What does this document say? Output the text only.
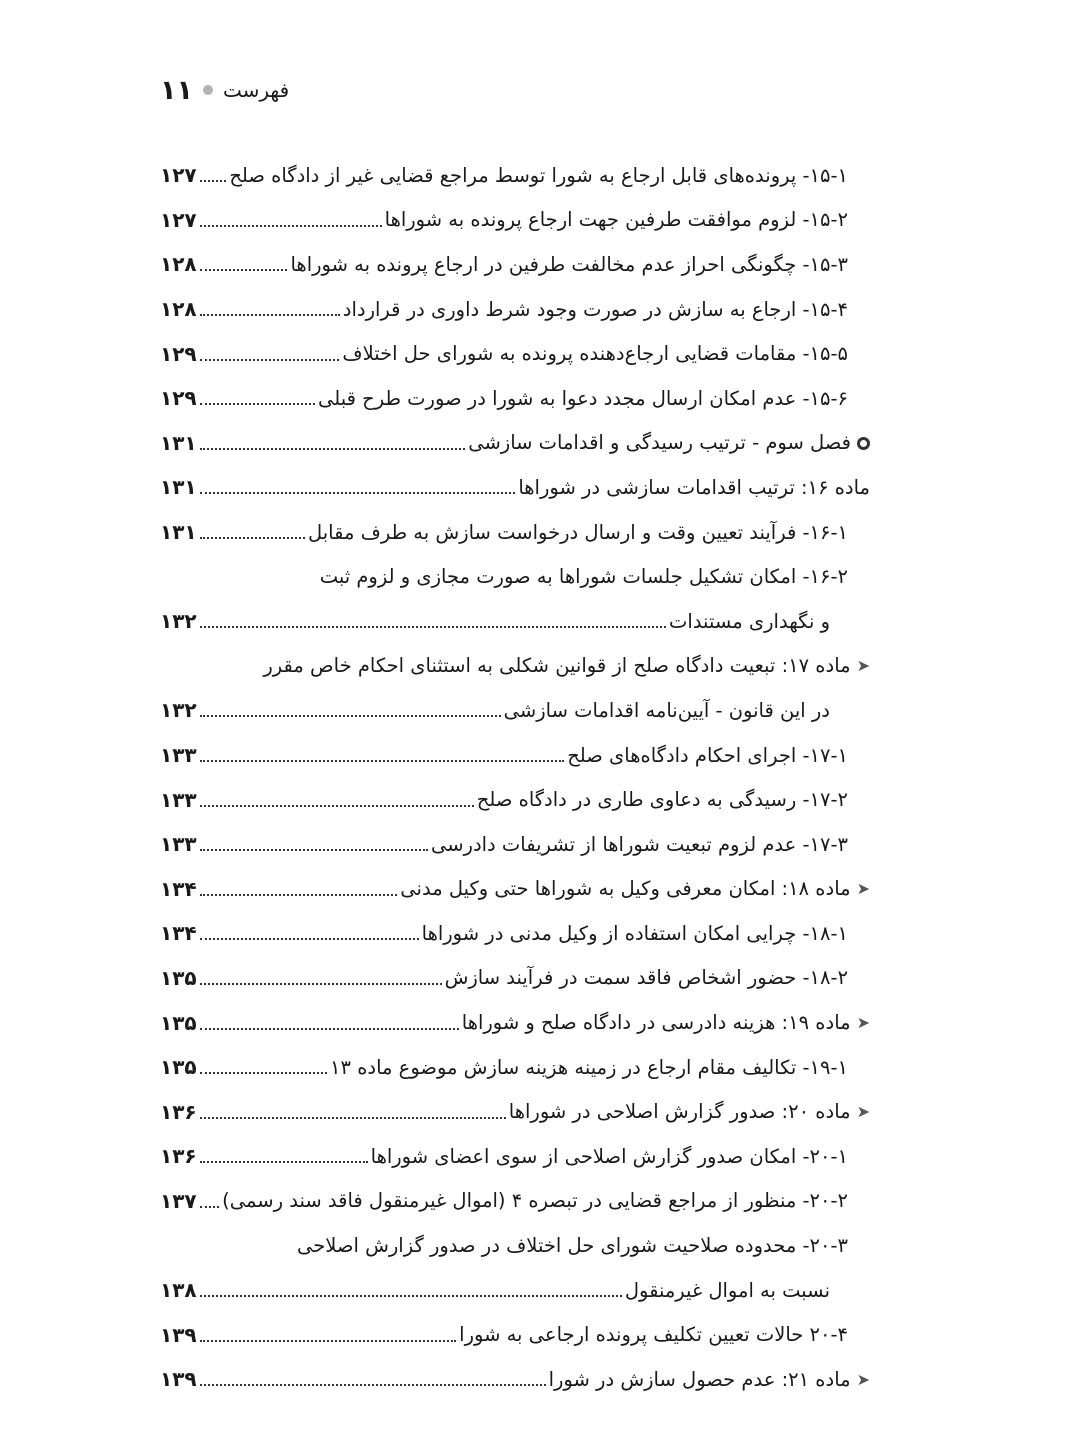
۱۱ فهرست
۱۵-۱- پرونده‌های قابل ارجاع به شورا توسط مراجع قضایی غیر از دادگاه صلح
۱۲۷
۱۵-۲- لزوم موافقت طرفین جهت ارجاع پرونده به شوراها
۱۲۷
۱۵-۳- چگونگی احراز عدم مخالفت طرفین در ارجاع پرونده به شوراها
۱۲۸
۱۵-۴- ارجاع به سازش در صورت وجود شرط داوری در قرارداد
۱۲۸
۱۵-۵- مقامات قضایی ارجاع‌دهنده پرونده به شورای حل اختلاف
۱۲۹
۱۵-۶- عدم امکان ارسال مجدد دعوا به شورا در صورت طرح قبلی
۱۲۹
فصل سوم - ترتیب رسیدگی و اقدامات سازشی
۱۳۱
ماده ۱۶: ترتیب اقدامات سازشی در شوراها
۱۳۱
۱۶-۱- فرآیند تعیین وقت و ارسال درخواست سازش به طرف مقابل
۱۳۱
۱۶-۲- امکان تشکیل جلسات شوراها به صورت مجازی و لزوم ثبت
و نگهداری مستندات
۱۳۲
➤
ماده ۱۷: تبعیت دادگاه صلح از قوانین شکلی به استثنای احکام خاص مقرر
در این قانون - آیین‌نامه اقدامات سازشی
۱۳۲
۱۷-۱- اجرای احکام دادگاه‌های صلح
۱۳۳
۱۷-۲- رسیدگی به دعاوی طاری در دادگاه صلح
۱۳۳
۱۷-۳- عدم لزوم تبعیت شوراها از تشریفات دادرسی
۱۳۳
➤
ماده ۱۸: امکان معرفی وکیل به شوراها حتی وکیل مدنی
۱۳۴
۱۸-۱- چرایی امکان استفاده از وکیل مدنی در شوراها
۱۳۴
۱۸-۲- حضور اشخاص فاقد سمت در فرآیند سازش
۱۳۵
➤
ماده ۱۹: هزینه دادرسی در دادگاه صلح و شوراها
۱۳۵
۱۹-۱- تکالیف مقام ارجاع در زمینه هزینه سازش موضوع ماده ۱۳
۱۳۵
➤
ماده ۲۰: صدور گزارش اصلاحی در شوراها
۱۳۶
۲۰-۱- امکان صدور گزارش اصلاحی از سوی اعضای شوراها
۱۳۶
۲۰-۲- منظور از مراجع قضایی در تبصره ۴ (اموال غیرمنقول فاقد سند رسمی)
۱۳۷
۲۰-۳- محدوده صلاحیت شورای حل اختلاف در صدور گزارش اصلاحی
نسبت به اموال غیرمنقول
۱۳۸
۲۰-۴ حالات تعیین تکلیف پرونده ارجاعی به شورا
۱۳۹
➤
ماده ۲۱: عدم حصول سازش در شورا
۱۳۹
